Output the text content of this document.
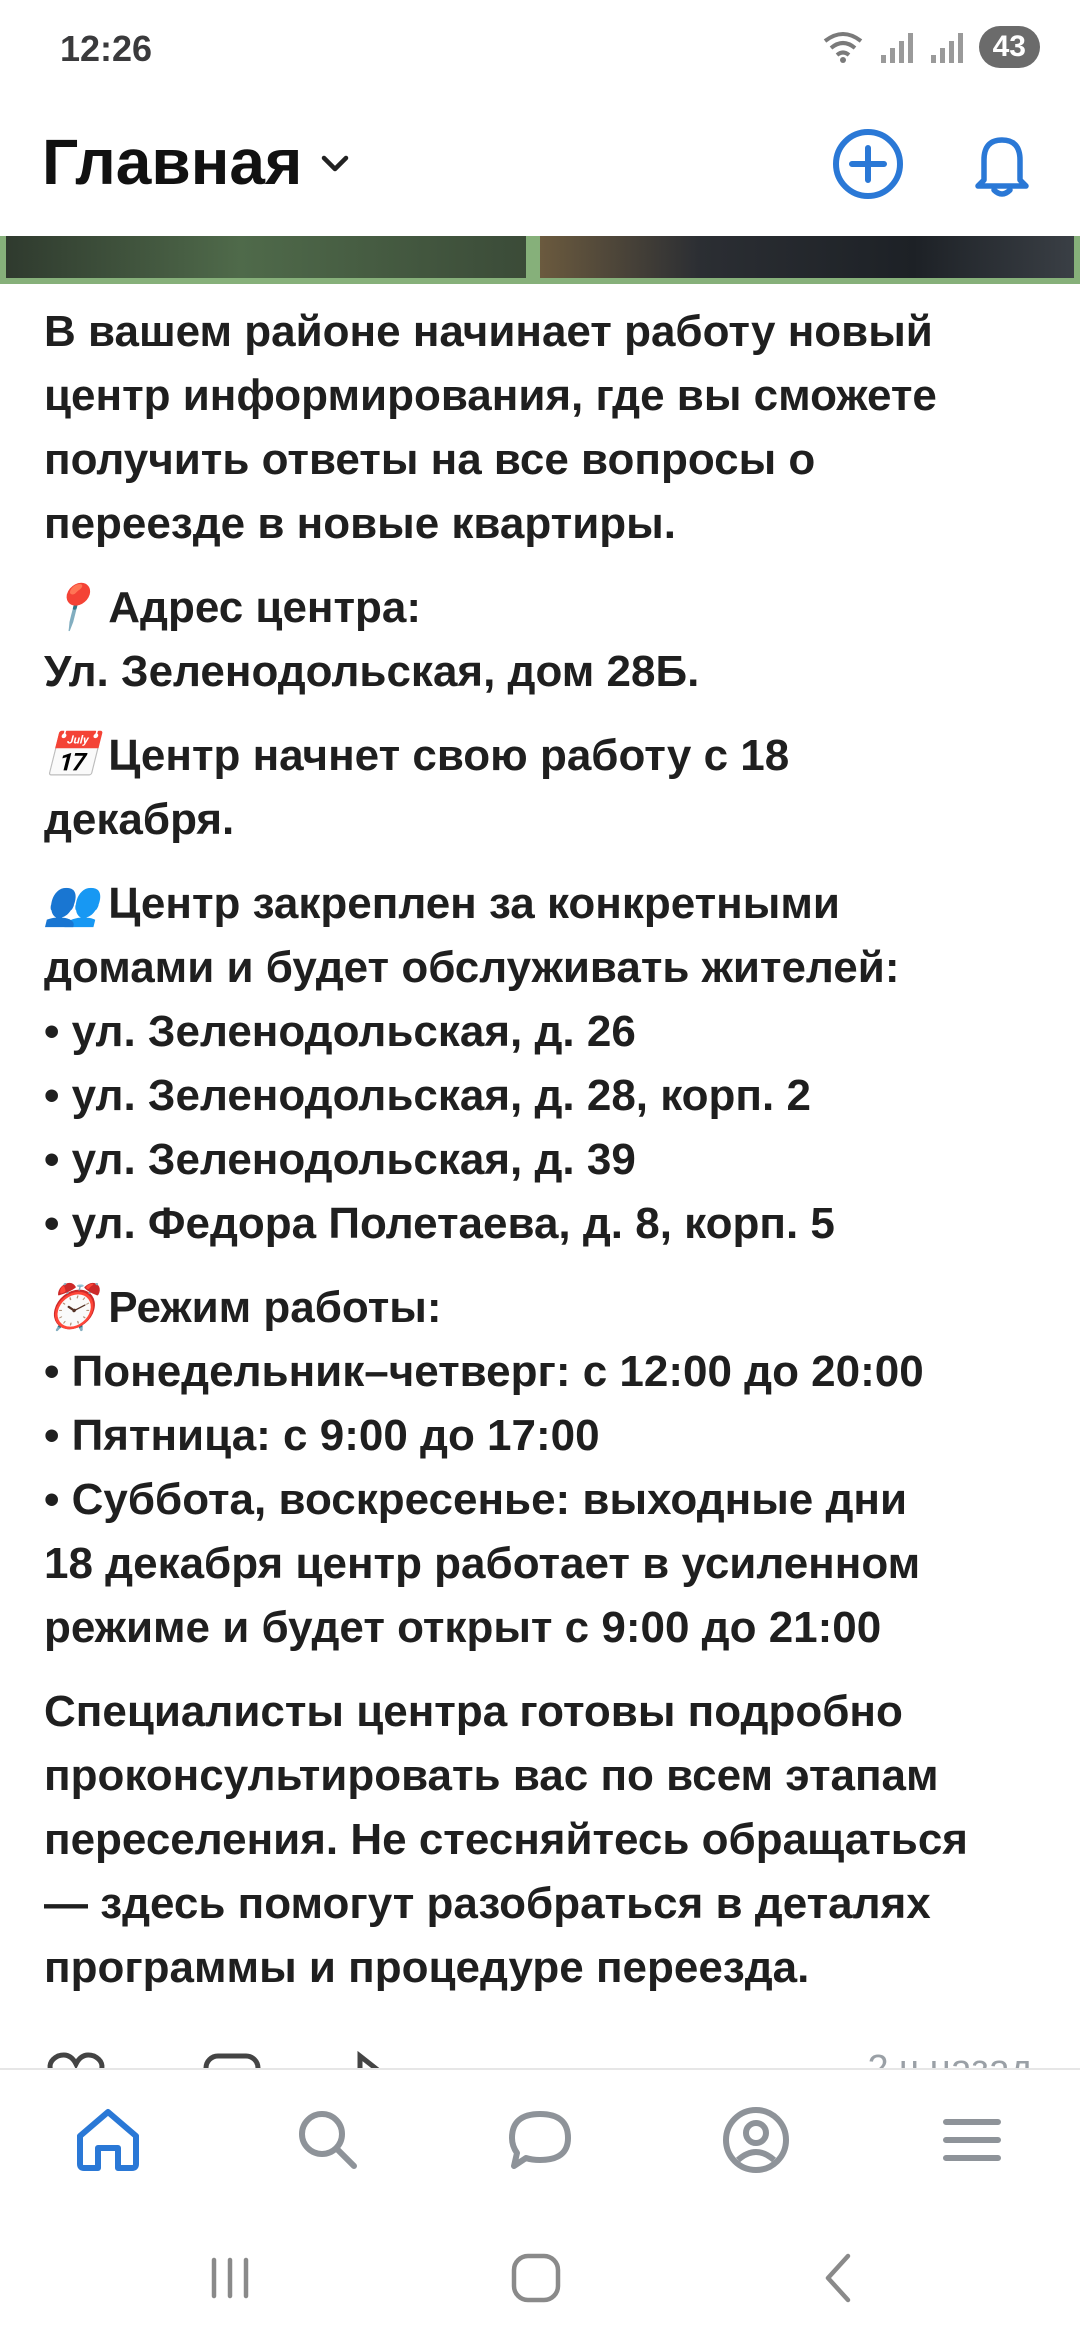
12:26	43
Главная

В вашем районе начинает работу новый
центр информирования, где вы сможете
получить ответы на все вопросы о
переезде в новые квартиры.

📍 Адрес центра:
Ул. Зеленодольская, дом 28Б.

📅 Центр начнет свою работу с 18
декабря.

👥 Центр закреплен за конкретными
домами и будет обслуживать жителей:
• ул. Зеленодольская, д. 26
• ул. Зеленодольская, д. 28, корп. 2
• ул. Зеленодольская, д. 39
• ул. Федора Полетаева, д. 8, корп. 5

⏰ Режим работы:
• Понедельник–четверг: с 12:00 до 20:00
• Пятница: с 9:00 до 17:00
• Суббота, воскресенье: выходные дни
18 декабря центр работает в усиленном
режиме и будет открыт с 9:00 до 21:00

Специалисты центра готовы подробно
проконсультировать вас по всем этапам
переселения. Не стесняйтесь обращаться
— здесь помогут разобраться в деталях
программы и процедуре переезда.
